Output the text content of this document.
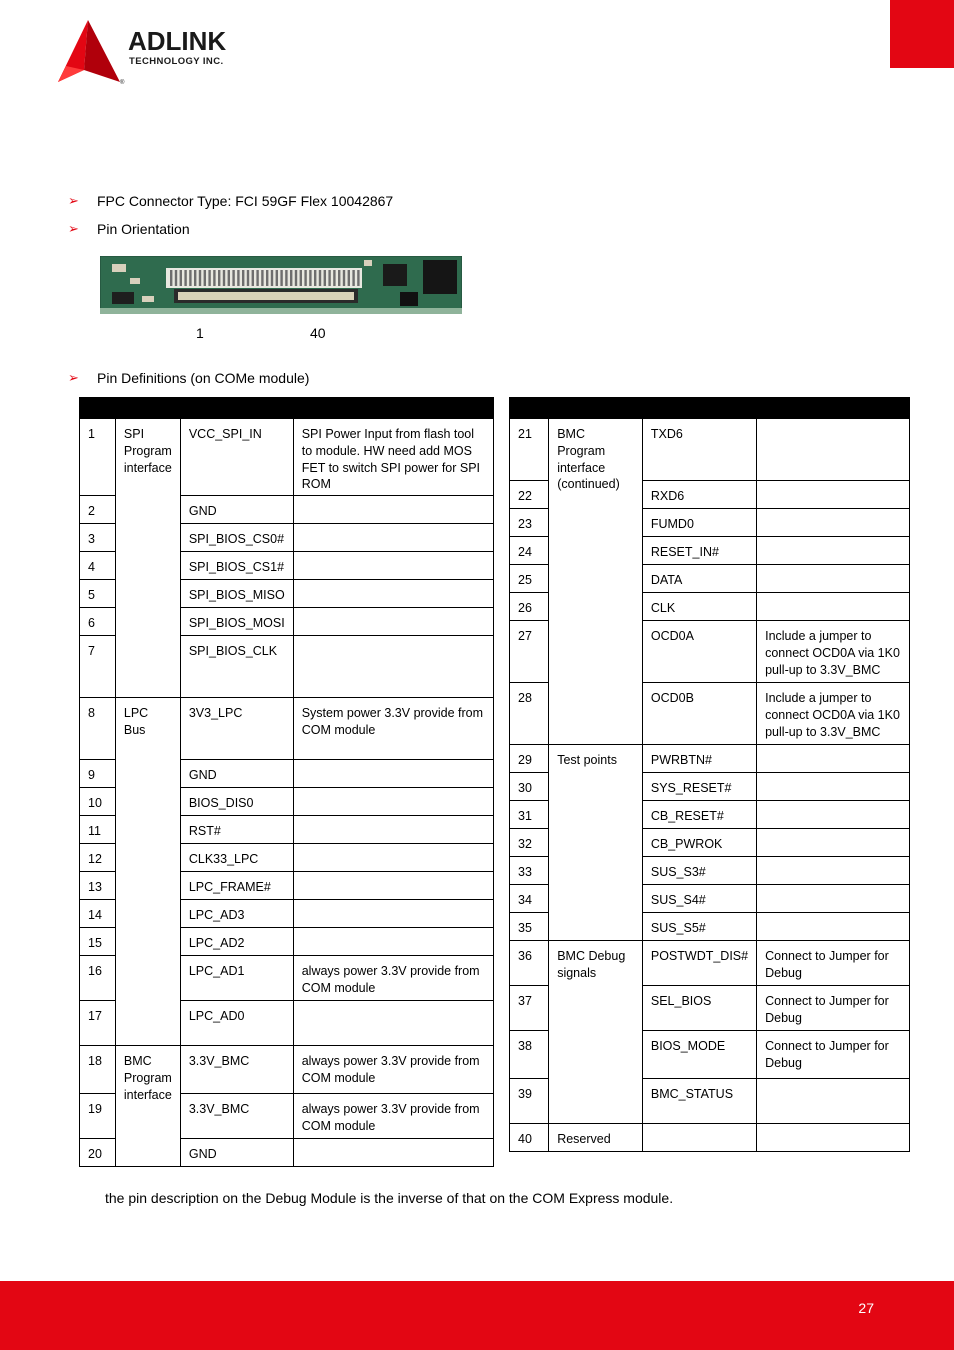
ADLINK
TECHNOLOGY INC.
®
➢	FPC Connector Type: FCI 59GF Flex 10042867
➢	Pin Orientation
1	40
➢	Pin Definitions (on COMe module)

1	SPI Program interface	VCC_SPI_IN	SPI Power Input from flash tool to module. HW need add MOS FET to switch SPI power for SPI ROM
2		GND	
3		SPI_BIOS_CS0#	
4		SPI_BIOS_CS1#	
5		SPI_BIOS_MISO	
6		SPI_BIOS_MOSI	
7		SPI_BIOS_CLK	
8	LPC Bus	3V3_LPC	System power 3.3V provide from COM module
9		GND	
10		BIOS_DIS0	
11		RST#	
12		CLK33_LPC	
13		LPC_FRAME#	
14		LPC_AD3	
15		LPC_AD2	
16		LPC_AD1	always power 3.3V provide from COM module
17		LPC_AD0	
18	BMC Program interface	3.3V_BMC	always power 3.3V provide from COM module
19		3.3V_BMC	always power 3.3V provide from COM module
20		GND	

21	BMC Program interface (continued)	TXD6	
22		RXD6	
23		FUMD0	
24		RESET_IN#	
25		DATA	
26		CLK	
27		OCD0A	Include a jumper to connect OCD0A via 1K0 pull-up to 3.3V_BMC
28		OCD0B	Include a jumper to connect OCD0A via 1K0 pull-up to 3.3V_BMC
29	Test points	PWRBTN#	
30		SYS_RESET#	
31		CB_RESET#	
32		CB_PWROK	
33		SUS_S3#	
34		SUS_S4#	
35		SUS_S5#	
36	BMC Debug signals	POSTWDT_DIS#	Connect to Jumper for Debug
37		SEL_BIOS	Connect to Jumper for Debug
38		BIOS_MODE	Connect to Jumper for Debug
39		BMC_STATUS	
40	Reserved		
the pin description on the Debug Module is the inverse of that on the COM Express module.
27
